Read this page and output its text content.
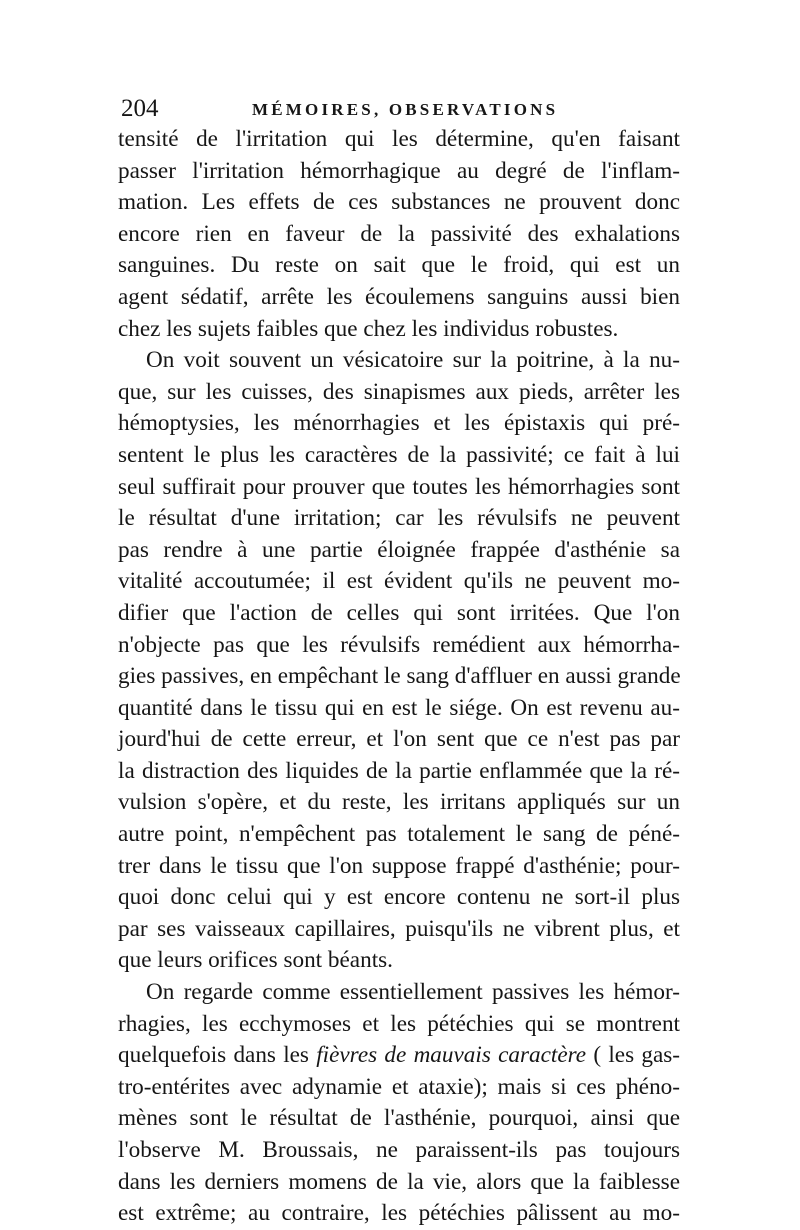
204	MÉMOIRES, OBSERVATIONS
tensité de l'irritation qui les détermine, qu'en faisant
passer l'irritation hémorrhagique au degré de l'inflam-
mation. Les effets de ces substances ne prouvent donc
encore rien en faveur de la passivité des exhalations
sanguines. Du reste on sait que le froid, qui est un
agent sédatif, arrête les écoulemens sanguins aussi bien
chez les sujets faibles que chez les individus robustes.
On voit souvent un vésicatoire sur la poitrine, à la nu-
que, sur les cuisses, des sinapismes aux pieds, arrêter les
hémoptysies, les ménorrhagies et les épistaxis qui pré-
sentent le plus les caractères de la passivité; ce fait à lui
seul suffirait pour prouver que toutes les hémorrhagies sont
le résultat d'une irritation; car les révulsifs ne peuvent
pas rendre à une partie éloignée frappée d'asthénie sa
vitalité accoutumée; il est évident qu'ils ne peuvent mo-
difier que l'action de celles qui sont irritées. Que l'on
n'objecte pas que les révulsifs remédient aux hémorrha-
gies passives, en empêchant le sang d'affluer en aussi grande
quantité dans le tissu qui en est le siége. On est revenu au-
jourd'hui de cette erreur, et l'on sent que ce n'est pas par
la distraction des liquides de la partie enflammée que la ré-
vulsion s'opère, et du reste, les irritans appliqués sur un
autre point, n'empêchent pas totalement le sang de péné-
trer dans le tissu que l'on suppose frappé d'asthénie; pour-
quoi donc celui qui y est encore contenu ne sort-il plus
par ses vaisseaux capillaires, puisqu'ils ne vibrent plus, et
que leurs orifices sont béants.
On regarde comme essentiellement passives les hémor-
rhagies, les ecchymoses et les pétéchies qui se montrent
quelquefois dans les fièvres de mauvais caractère ( les gas-
tro-entérites avec adynamie et ataxie); mais si ces phéno-
mènes sont le résultat de l'asthénie, pourquoi, ainsi que
l'observe M. Broussais, ne paraissent-ils pas toujours
dans les derniers momens de la vie, alors que la faiblesse
est extrême; au contraire, les pétéchies pâlissent au mo-
